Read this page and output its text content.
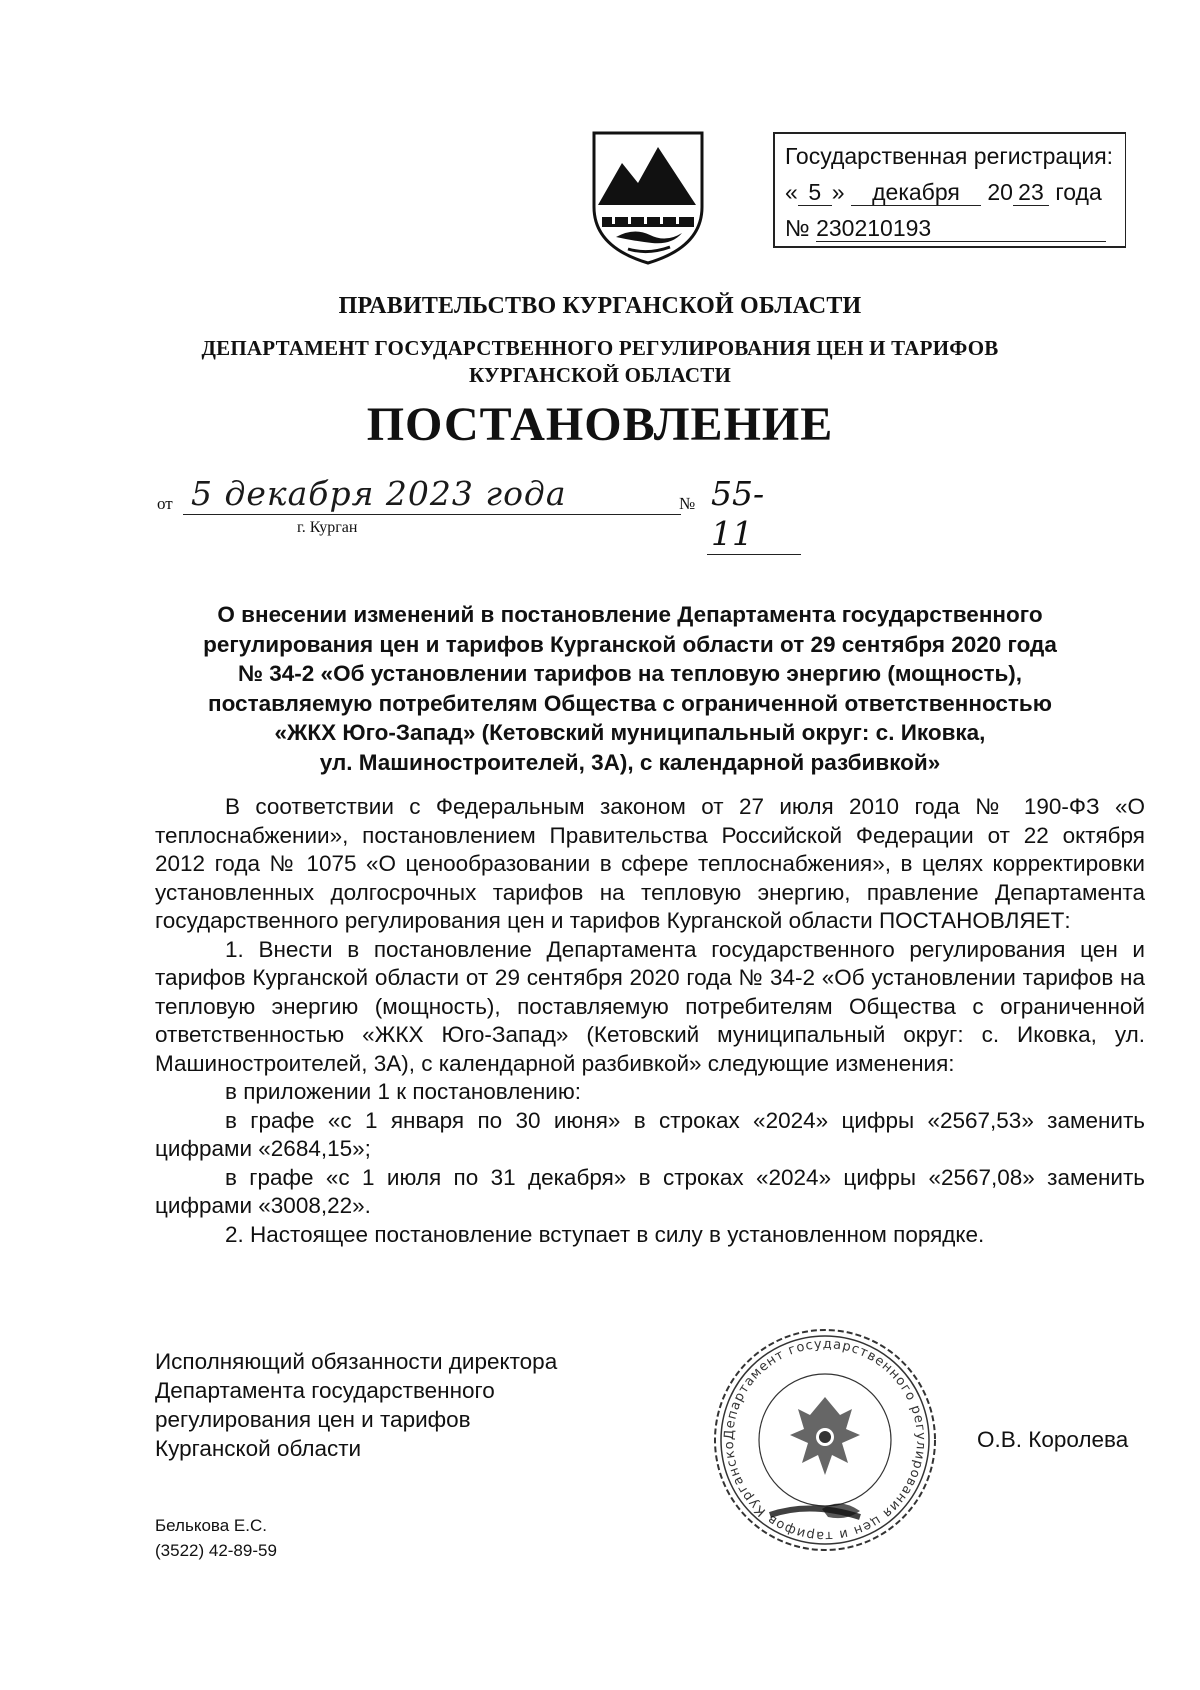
Государственная регистрация:
« 5 » декабря 20 23 года
№ 230210193
ПРАВИТЕЛЬСТВО КУРГАНСКОЙ ОБЛАСТИ
ДЕПАРТАМЕНТ ГОСУДАРСТВЕННОГО РЕГУЛИРОВАНИЯ ЦЕН И ТАРИФОВ
КУРГАНСКОЙ ОБЛАСТИ
ПОСТАНОВЛЕНИЕ
от 5 декабря 2023 года	№ 55-11
г. Курган
О внесении изменений в постановление Департамента государственного
регулирования цен и тарифов Курганской области от 29 сентября 2020 года
№ 34-2 «Об установлении тарифов на тепловую энергию (мощность),
поставляемую потребителям Общества с ограниченной ответственностью
«ЖКХ Юго-Запад» (Кетовский муниципальный округ: с. Иковка,
ул. Машиностроителей, 3А), с календарной разбивкой»

В соответствии с Федеральным законом от 27 июля 2010 года № 190-ФЗ «О теплоснабжении», постановлением Правительства Российской Федерации от 22 октября 2012 года № 1075 «О ценообразовании в сфере теплоснабжения», в целях корректировки установленных долгосрочных тарифов на тепловую энергию, правление Департамента государственного регулирования цен и тарифов Курганской области ПОСТАНОВЛЯЕТ:

1. Внести в постановление Департамента государственного регулирования цен и тарифов Курганской области от 29 сентября 2020 года № 34-2 «Об установлении тарифов на тепловую энергию (мощность), поставляемую потребителям Общества с ограниченной ответственностью «ЖКХ Юго-Запад» (Кетовский муниципальный округ: с. Иковка, ул. Машиностроителей, 3А), с календарной разбивкой» следующие изменения:

в приложении 1 к постановлению:

в графе «с 1 января по 30 июня» в строках «2024» цифры «2567,53» заменить цифрами «2684,15»;

в графе «с 1 июля по 31 декабря» в строках «2024» цифры «2567,08» заменить цифрами «3008,22».

2. Настоящее постановление вступает в силу в установленном порядке.

Исполняющий обязанности директора
Департамента государственного
регулирования цен и тарифов
Курганской области
Департамент государственного регулирования цен и тарифов Курганско	О.В. Королева
Белькова Е.С.
(3522) 42-89-59
